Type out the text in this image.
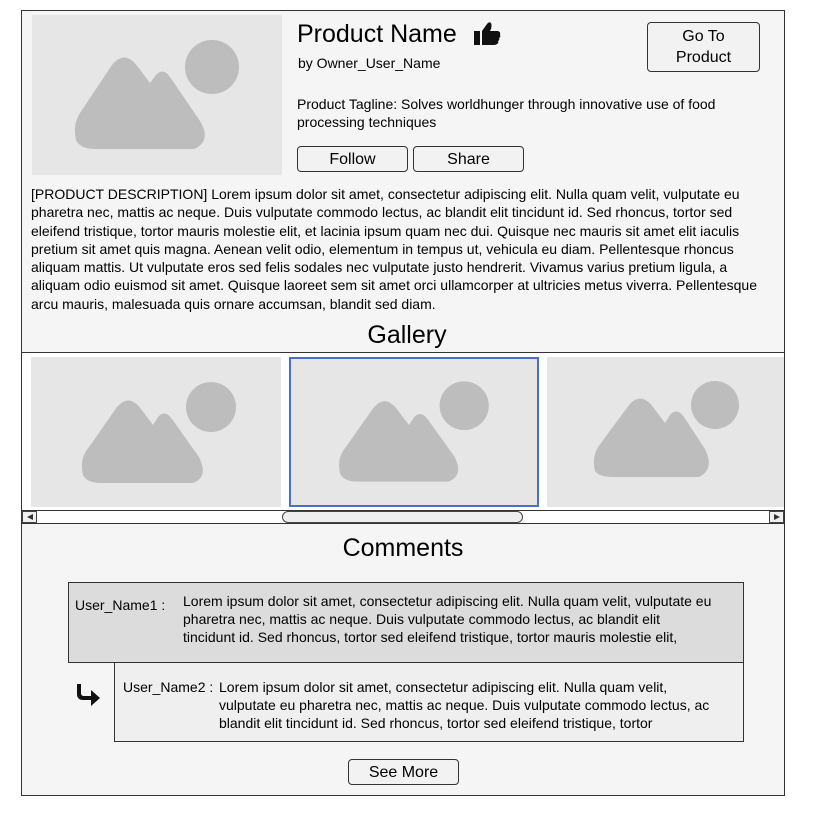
Product Name
by Owner_User_Name
Go To Product
Product Tagline: Solves worldhunger through innovative use of food processing techniques
Follow	Share
[PRODUCT DESCRIPTION] Lorem ipsum dolor sit amet, consectetur adipiscing elit. Nulla quam velit, vulputate eu pharetra nec, mattis ac neque. Duis vulputate commodo lectus, ac blandit elit tincidunt id. Sed rhoncus, tortor sed eleifend tristique, tortor mauris molestie elit, et lacinia ipsum quam nec dui. Quisque nec mauris sit amet elit iaculis pretium sit amet quis magna. Aenean velit odio, elementum in tempus ut, vehicula eu diam. Pellentesque rhoncus aliquam mattis. Ut vulputate eros sed felis sodales nec vulputate justo hendrerit. Vivamus varius pretium ligula, a aliquam odio euismod sit amet. Quisque laoreet sem sit amet orci ullamcorper at ultricies metus viverra. Pellentesque arcu mauris, malesuada quis ornare accumsan, blandit sed diam.
Gallery
Comments
User_Name1 : Lorem ipsum dolor sit amet, consectetur adipiscing elit. Nulla quam velit, vulputate eu pharetra nec, mattis ac neque. Duis vulputate commodo lectus, ac blandit elit tincidunt id. Sed rhoncus, tortor sed eleifend tristique, tortor mauris molestie elit,
User_Name2 : Lorem ipsum dolor sit amet, consectetur adipiscing elit. Nulla quam velit, vulputate eu pharetra nec, mattis ac neque. Duis vulputate commodo lectus, ac blandit elit tincidunt id. Sed rhoncus, tortor sed eleifend tristique, tortor
See More
